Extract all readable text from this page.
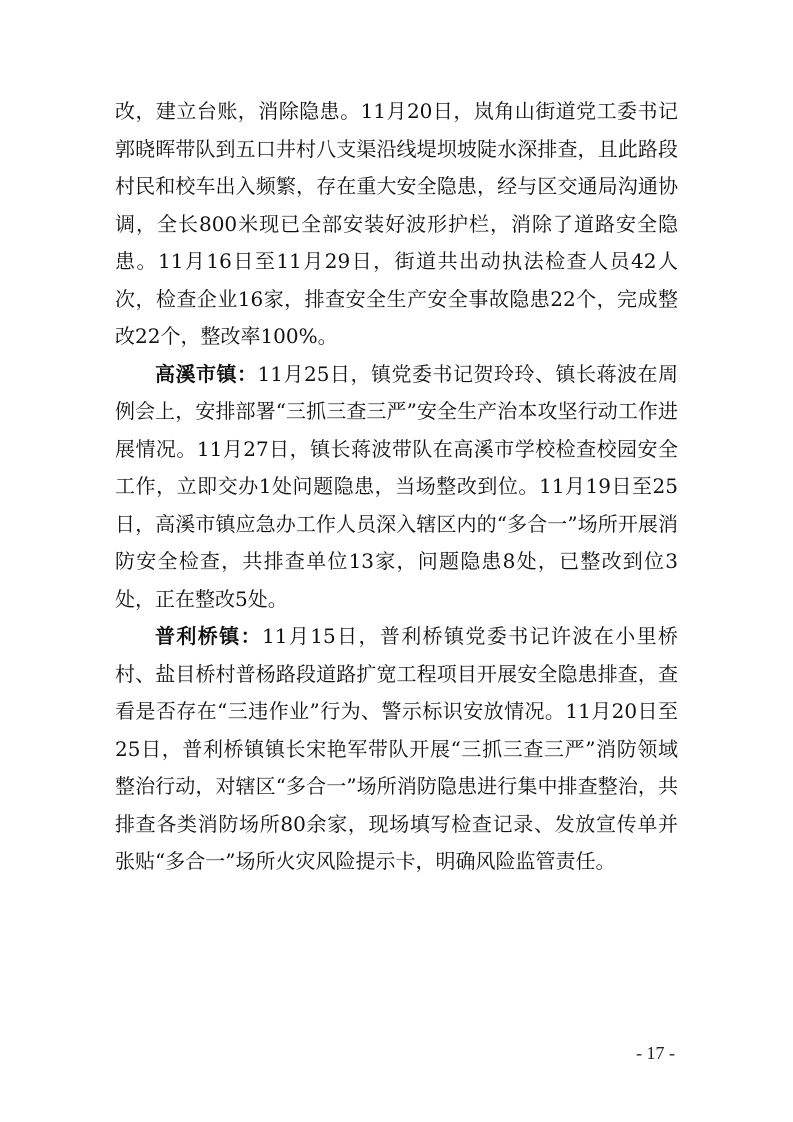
改，建立台账，消除隐患。11月20日，岚角山街道党工委书记郭晓晖带队到五口井村八支渠沿线堤坝坡陡水深排查，且此路段村民和校车出入频繁，存在重大安全隐患，经与区交通局沟通协调，全长800米现已全部安装好波形护栏，消除了道路安全隐患。11月16日至11月29日，街道共出动执法检查人员42人次，检查企业16家，排查安全生产安全事故隐患22个，完成整改22个，整改率100%。

高溪市镇：11月25日，镇党委书记贺玲玲、镇长蒋波在周例会上，安排部署“三抓三查三严”安全生产治本攻坚行动工作进展情况。11月27日，镇长蒋波带队在高溪市学校检查校园安全工作，立即交办1处问题隐患，当场整改到位。11月19日至25日，高溪市镇应急办工作人员深入辖区内的“多合一”场所开展消防安全检查，共排查单位13家，问题隐患8处，已整改到位3处，正在整改5处。

普利桥镇：11月15日，普利桥镇党委书记许波在小里桥村、盐目桥村普杨路段道路扩宽工程项目开展安全隐患排查，查看是否存在“三违作业”行为、警示标识安放情况。11月20日至25日，普利桥镇镇长宋艳军带队开展“三抓三查三严”消防领域整治行动，对辖区“多合一”场所消防隐患进行集中排查整治，共排查各类消防场所80余家，现场填写检查记录、发放宣传单并张贴“多合一”场所火灾风险提示卡，明确风险监管责任。

- 17 -
